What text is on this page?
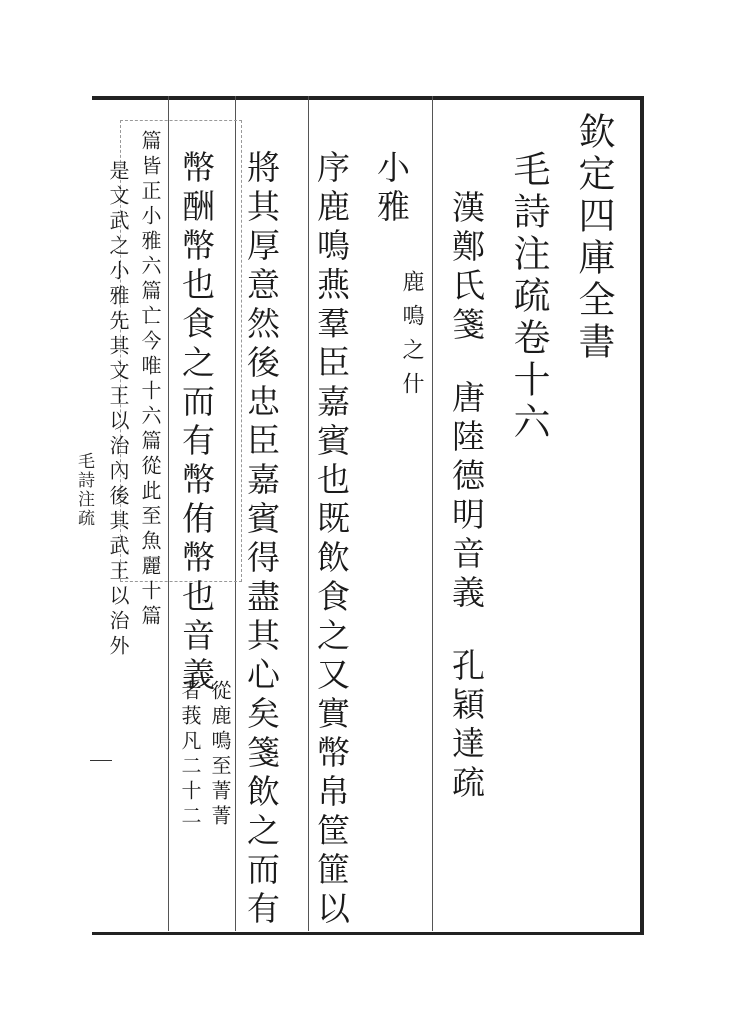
欽定四庫全書
毛詩注疏卷十六
漢鄭氏箋
唐陸德明音義
孔穎達疏
小雅
鹿鳴之什
序鹿鳴燕羣臣嘉賓也既飲食之又實幣帛筐篚以
將其厚意然後忠臣嘉賓得盡其心矣箋飲之而有
幣酬幣也食之而有幣侑幣也音義
從鹿鳴至菁菁
者莪凡二十二
篇皆正小雅六篇亡今唯十六篇從此至魚麗十篇
是文武之小雅先其文王以治內後其武王以治外
毛詩注疏
